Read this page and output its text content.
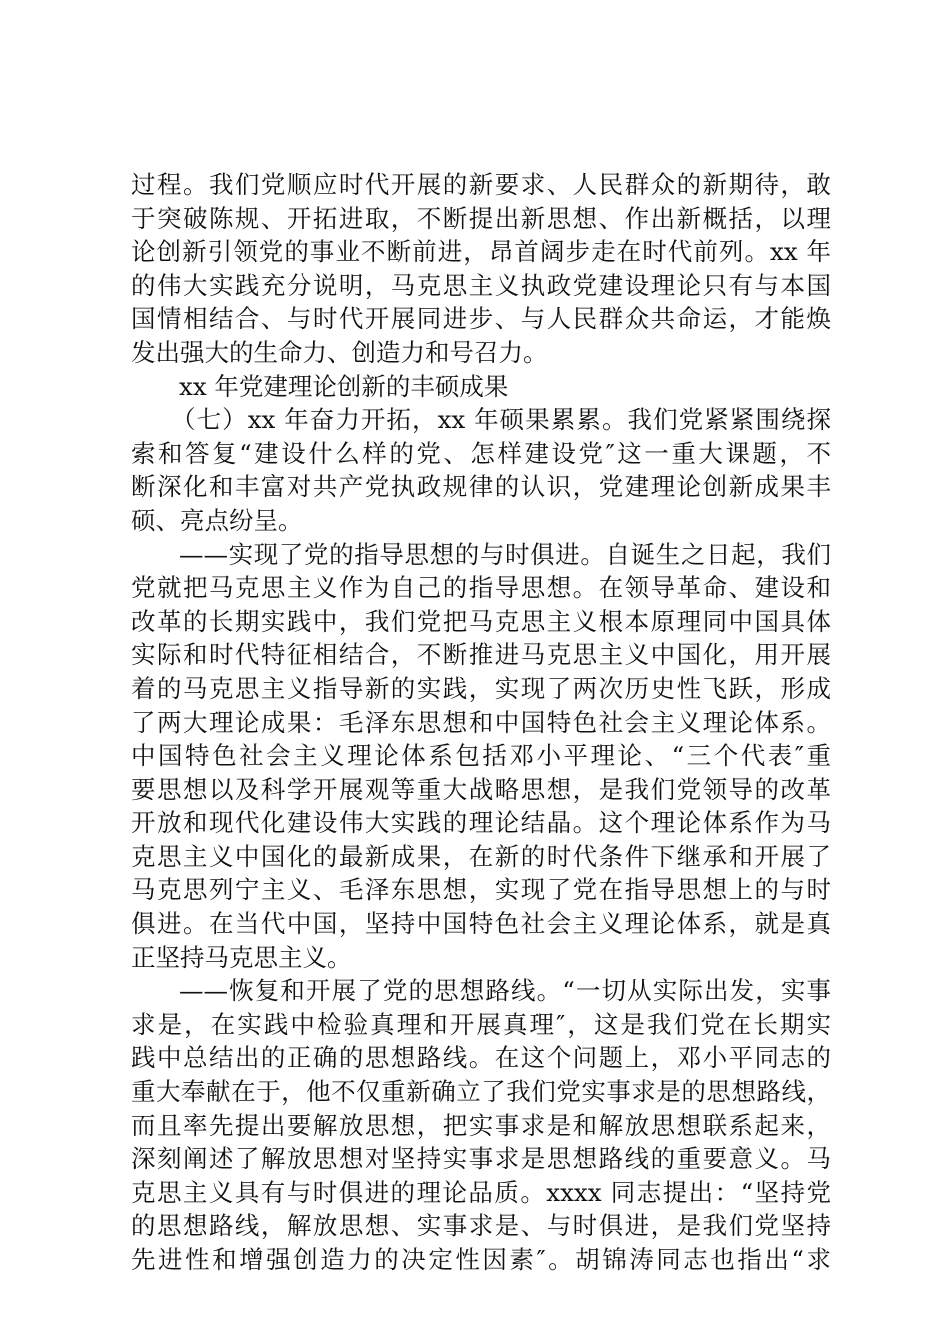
过程。我们党顺应时代开展的新要求、人民群众的新期待，敢
于突破陈规、开拓进取，不断提出新思想、作出新概括，以理
论创新引领党的事业不断前进，昂首阔步走在时代前列。xx 年
的伟大实践充分说明，马克思主义执政党建设理论只有与本国
国情相结合、与时代开展同进步、与人民群众共命运，才能焕
发出强大的生命力、创造力和号召力。
xx 年党建理论创新的丰硕成果
（七）xx 年奋力开拓，xx 年硕果累累。我们党紧紧围绕探
索和答复“建设什么样的党、怎样建设党″这一重大课题，不
断深化和丰富对共产党执政规律的认识，党建理论创新成果丰
硕、亮点纷呈。
——实现了党的指导思想的与时俱进。自诞生之日起，我们
党就把马克思主义作为自己的指导思想。在领导革命、建设和
改革的长期实践中，我们党把马克思主义根本原理同中国具体
实际和时代特征相结合，不断推进马克思主义中国化，用开展
着的马克思主义指导新的实践，实现了两次历史性飞跃，形成
了两大理论成果：毛泽东思想和中国特色社会主义理论体系。
中国特色社会主义理论体系包括邓小平理论、“三个代表″重
要思想以及科学开展观等重大战略思想，是我们党领导的改革
开放和现代化建设伟大实践的理论结晶。这个理论体系作为马
克思主义中国化的最新成果，在新的时代条件下继承和开展了
马克思列宁主义、毛泽东思想，实现了党在指导思想上的与时
俱进。在当代中国，坚持中国特色社会主义理论体系，就是真
正坚持马克思主义。
——恢复和开展了党的思想路线。“一切从实际出发，实事
求是，在实践中检验真理和开展真理″，这是我们党在长期实
践中总结出的正确的思想路线。在这个问题上，邓小平同志的
重大奉献在于，他不仅重新确立了我们党实事求是的思想路线，
而且率先提出要解放思想，把实事求是和解放思想联系起来，
深刻阐述了解放思想对坚持实事求是思想路线的重要意义。马
克思主义具有与时俱进的理论品质。xxxx 同志提出：“坚持党
的思想路线，解放思想、实事求是、与时俱进，是我们党坚持
先进性和增强创造力的决定性因素″。胡锦涛同志也指出“求
